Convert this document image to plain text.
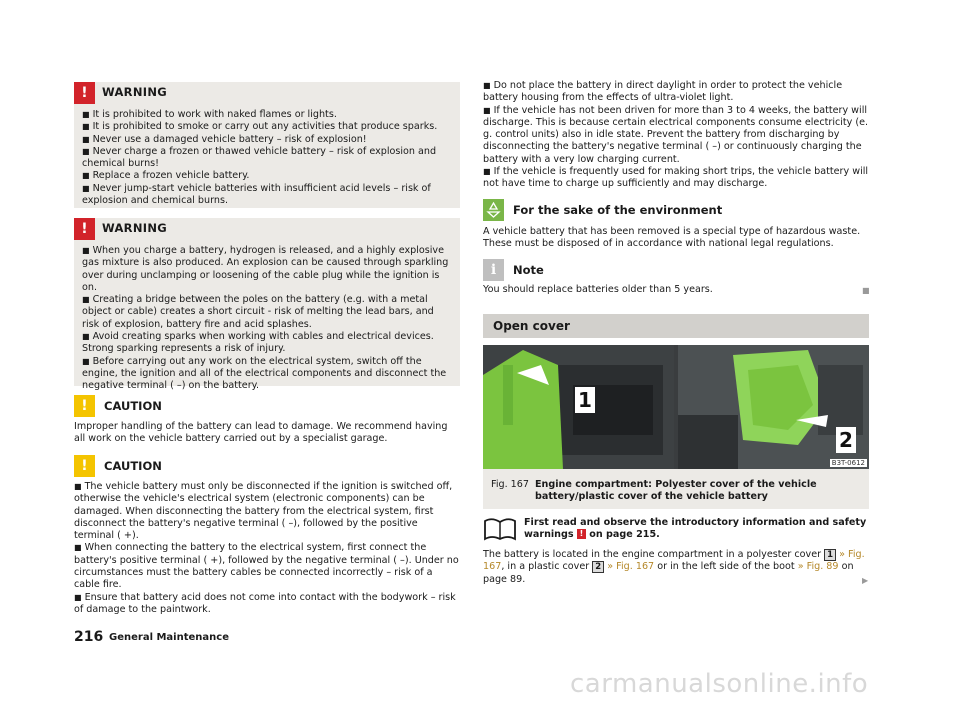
!	WARNING

■ It is prohibited to work with naked flames or lights.

■ It is prohibited to smoke or carry out any activities that produce sparks.

■ Never use a damaged vehicle battery – risk of explosion!

■ Never charge a frozen or thawed vehicle battery – risk of explosion and chemical burns!

■ Replace a frozen vehicle battery.

■ Never jump-start vehicle batteries with insufficient acid levels – risk of explosion and chemical burns.

!	WARNING

■ When you charge a battery, hydrogen is released, and a highly explosive gas mixture is also produced. An explosion can be caused through sparkling over during unclamping or loosening of the cable plug while the ignition is on.

■ Creating a bridge between the poles on the battery (e.g. with a metal object or cable) creates a short circuit - risk of melting the lead bars, and risk of explosion, battery fire and acid splashes.

■ Avoid creating sparks when working with cables and electrical devices. Strong sparking represents a risk of injury.

■ Before carrying out any work on the electrical system, switch off the engine, the ignition and all of the electrical components and disconnect the negative terminal ( –) on the battery.

!	CAUTION

Improper handling of the battery can lead to damage. We recommend having all work on the vehicle battery carried out by a specialist garage.

!	CAUTION

■ The vehicle battery must only be disconnected if the ignition is switched off, otherwise the vehicle's electrical system (electronic components) can be damaged. When disconnecting the battery from the electrical system, first disconnect the battery's negative terminal ( –), followed by the positive terminal ( +).

■ When connecting the battery to the electrical system, first connect the battery's positive terminal ( +), followed by the negative terminal ( –). Under no circumstances must the battery cables be connected incorrectly – risk of a cable fire.

■ Ensure that battery acid does not come into contact with the bodywork – risk of damage to the paintwork.

■ Do not place the battery in direct daylight in order to protect the vehicle battery housing from the effects of ultra-violet light.

■ If the vehicle has not been driven for more than 3 to 4 weeks, the battery will discharge. This is because certain electrical components consume electricity (e. g. control units) also in idle state. Prevent the battery from discharging by disconnecting the battery's negative terminal ( –) or continuously charging the battery with a very low charging current.

■ If the vehicle is frequently used for making short trips, the vehicle battery will not have time to charge up sufficiently and may discharge.

For the sake of the environment

A vehicle battery that has been removed is a special type of hazardous waste. These must be disposed of in accordance with national legal regulations.

i	Note

You should replace batteries older than 5 years.	■
Open cover
1
2
B3T-0612
Fig. 167 Engine compartment: Polyester cover of the vehicle battery/plastic cover of the vehicle battery
First read and observe the introductory information and safety warnings ! on page 215.

The battery is located in the engine compartment in a polyester cover 1 » Fig. 167, in a plastic cover 2 » Fig. 167 or in the left side of the boot » Fig. 89 on page 89.	▶
216 General Maintenance
carmanualsonline.info
